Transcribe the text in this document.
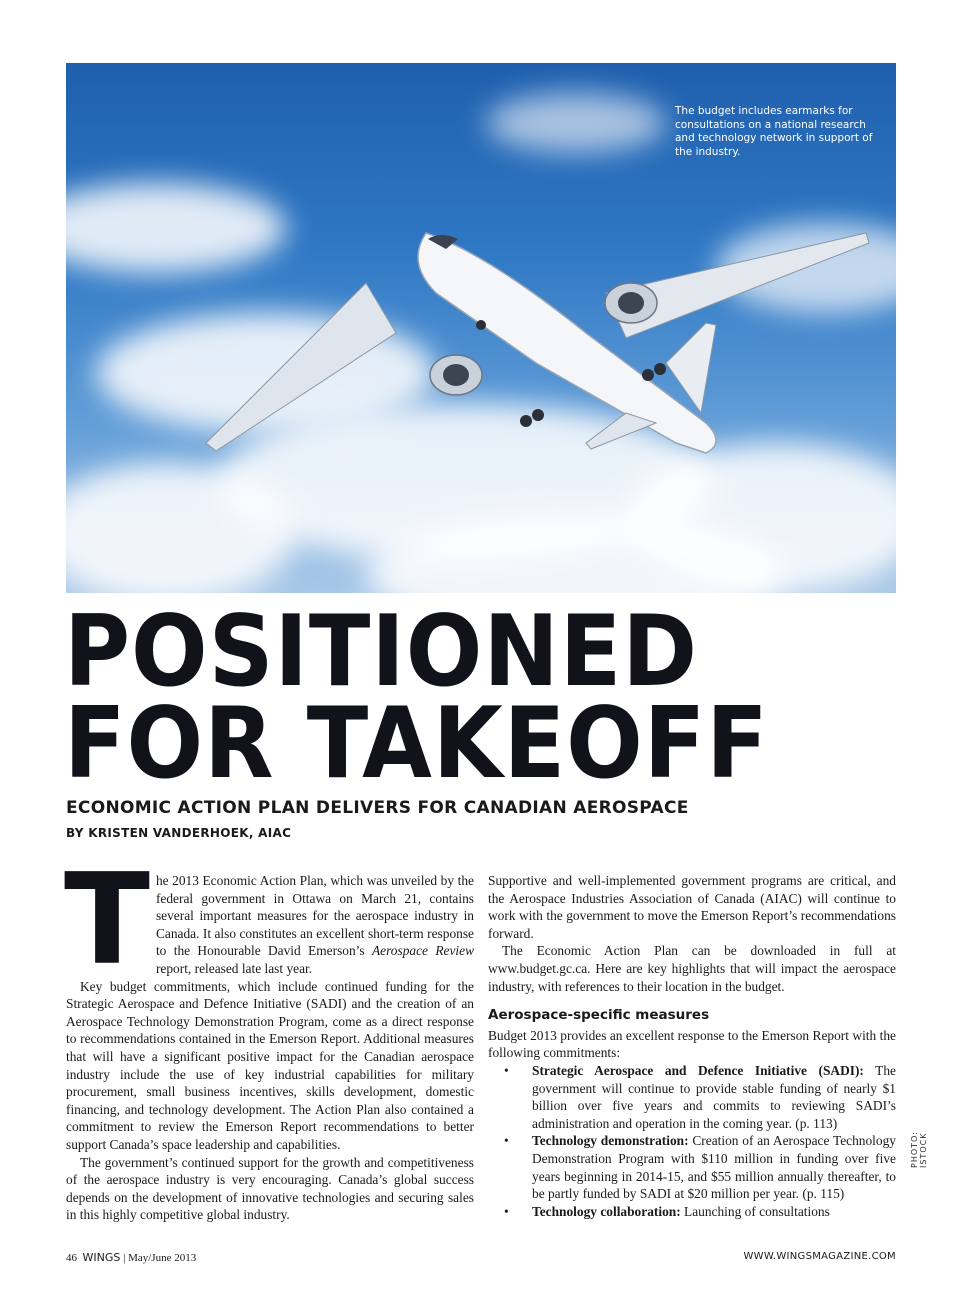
The budget includes earmarks for consultations on a national research and technology network in support of the industry.
POSITIONED
FOR TAKEOFF
ECONOMIC ACTION PLAN DELIVERS FOR CANADIAN AEROSPACE
BY KRISTEN VANDERHOEK, AIAC

The 2013 Economic Action Plan, which was unveiled by the federal government in Ottawa on March 21, contains several important measures for the aerospace industry in Canada. It also constitutes an excellent short-term response to the Honourable David Emerson’s Aerospace Review report, released late last year.

Key budget commitments, which include continued funding for the Strategic Aerospace and Defence Initiative (SADI) and the creation of an Aerospace Technology Demonstration Program, come as a direct response to recommendations contained in the Emerson Report. Additional measures that will have a significant positive impact for the Canadian aerospace industry include the use of key industrial capabilities for military procurement, small business incentives, skills development, domestic financing, and technology development. The Action Plan also contained a commitment to review the Emerson Report recommendations to better support Canada’s space leadership and capabilities.

The government’s continued support for the growth and competitiveness of the aerospace industry is very encouraging. Canada’s global success depends on the development of innovative technologies and securing sales in this highly competitive global industry.

Supportive and well-implemented government programs are critical, and the Aerospace Industries Association of Canada (AIAC) will continue to work with the government to move the Emerson Report’s recommendations forward.

The Economic Action Plan can be downloaded in full at www.budget.gc.ca. Here are key highlights that will impact the aerospace industry, with references to their location in the budget.

Aerospace-specific measures

Budget 2013 provides an excellent response to the Emerson Report with the following commitments:

• Strategic Aerospace and Defence Initiative (SADI): The government will continue to provide stable funding of nearly $1 billion over five years and commits to reviewing SADI’s administration and operation in the coming year. (p. 113)
• Technology demonstration: Creation of an Aerospace Technology Demonstration Program with $110 million in funding over five years beginning in 2014-15, and $55 million annually thereafter, to be partly funded by SADI at $20 million per year. (p. 115)
• Technology collaboration: Launching of consultations
PHOTO: ISTOCK
46 WINGS | May/June 2013	WWW.WINGSMAGAZINE.COM
